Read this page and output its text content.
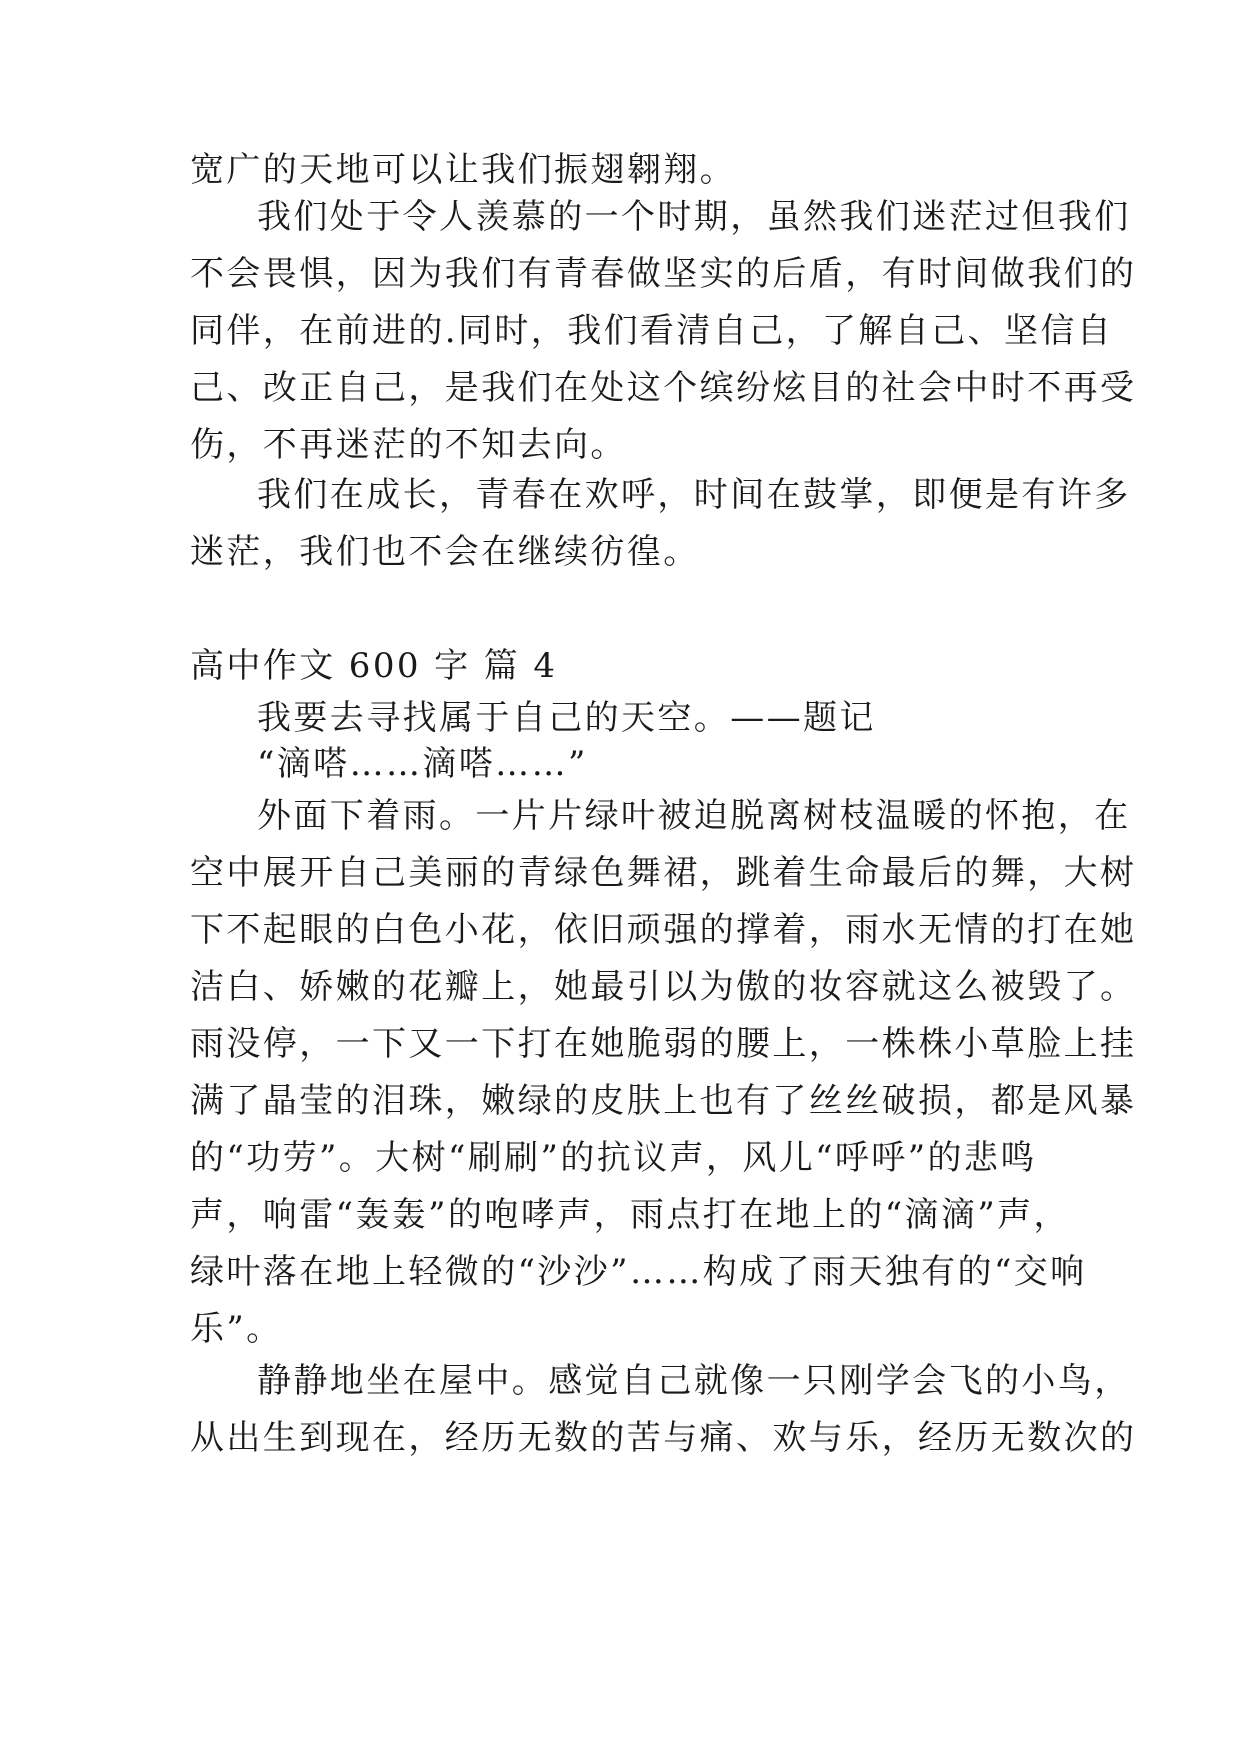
宽广的天地可以让我们振翅翱翔。
我们处于令人羡慕的一个时期，虽然我们迷茫过但我们
不会畏惧，因为我们有青春做坚实的后盾，有时间做我们的
同伴，在前进的.同时，我们看清自己，了解自己、坚信自
己、改正自己，是我们在处这个缤纷炫目的社会中时不再受
伤，不再迷茫的不知去向。
我们在成长，青春在欢呼，时间在鼓掌，即便是有许多
迷茫，我们也不会在继续彷徨。
高中作文 600 字 篇 4
我要去寻找属于自己的天空。——题记
“滴嗒……滴嗒……”
外面下着雨。一片片绿叶被迫脱离树枝温暖的怀抱，在
空中展开自己美丽的青绿色舞裙，跳着生命最后的舞，大树
下不起眼的白色小花，依旧顽强的撑着，雨水无情的打在她
洁白、娇嫩的花瓣上，她最引以为傲的妆容就这么被毁了。
雨没停，一下又一下打在她脆弱的腰上，一株株小草脸上挂
满了晶莹的泪珠，嫩绿的皮肤上也有了丝丝破损，都是风暴
的“功劳”。大树“刷刷”的抗议声，风儿“呼呼”的悲鸣
声，响雷“轰轰”的咆哮声，雨点打在地上的“滴滴”声，
绿叶落在地上轻微的“沙沙”……构成了雨天独有的“交响
乐”。
静静地坐在屋中。感觉自己就像一只刚学会飞的小鸟，
从出生到现在，经历无数的苦与痛、欢与乐，经历无数次的
